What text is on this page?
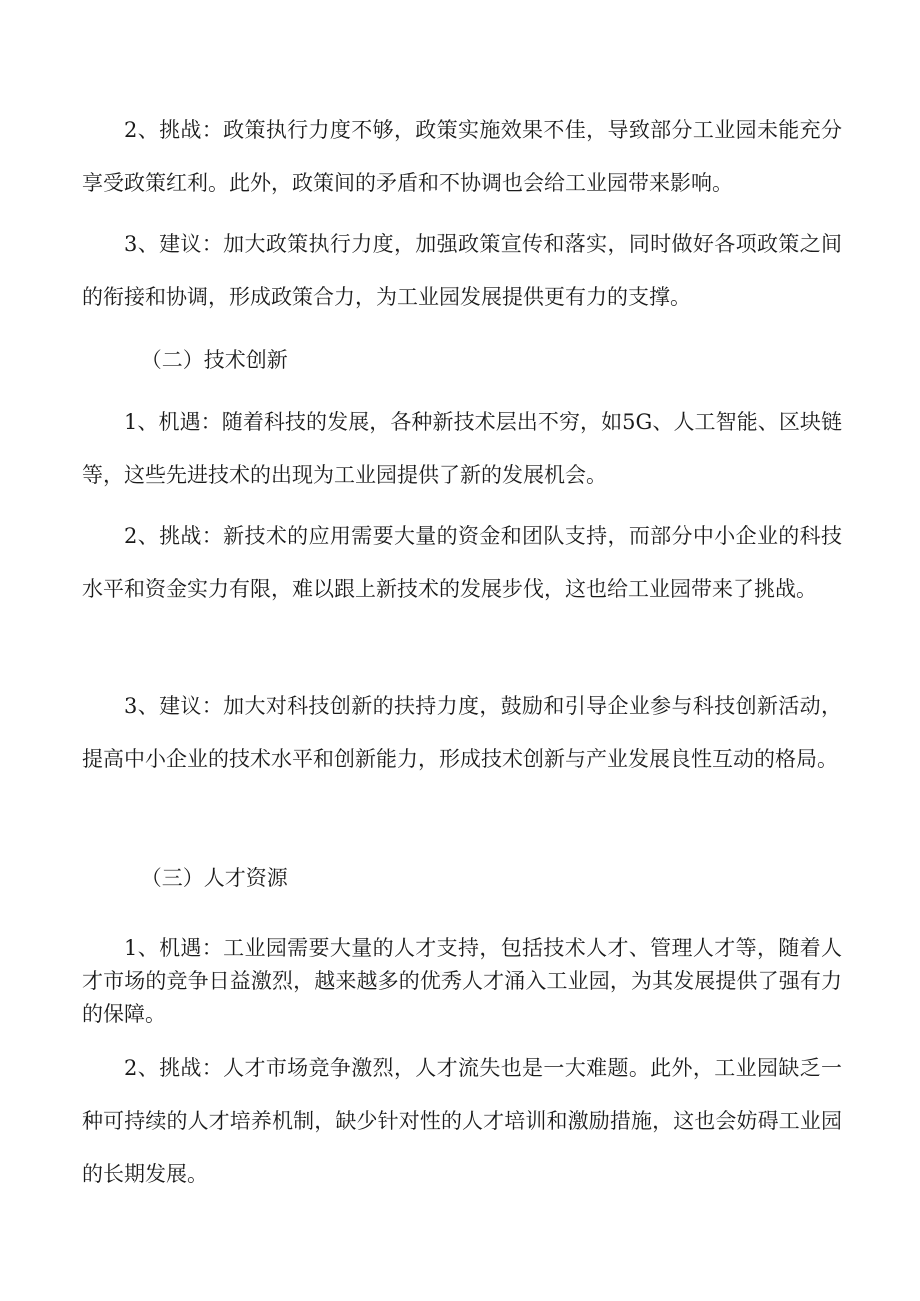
2、挑战：政策执行力度不够，政策实施效果不佳，导致部分工业园未能充分享受政策红利。此外，政策间的矛盾和不协调也会给工业园带来影响。

3、建议：加大政策执行力度，加强政策宣传和落实，同时做好各项政策之间的衔接和协调，形成政策合力，为工业园发展提供更有力的支撑。

（二）技术创新

1、机遇：随着科技的发展，各种新技术层出不穷，如5G、人工智能、区块链等，这些先进技术的出现为工业园提供了新的发展机会。

2、挑战：新技术的应用需要大量的资金和团队支持，而部分中小企业的科技水平和资金实力有限，难以跟上新技术的发展步伐，这也给工业园带来了挑战。

3、建议：加大对科技创新的扶持力度，鼓励和引导企业参与科技创新活动，提高中小企业的技术水平和创新能力，形成技术创新与产业发展良性互动的格局。

（三）人才资源

1、机遇：工业园需要大量的人才支持，包括技术人才、管理人才等，随着人才市场的竞争日益激烈，越来越多的优秀人才涌入工业园，为其发展提供了强有力的保障。

2、挑战：人才市场竞争激烈，人才流失也是一大难题。此外，工业园缺乏一种可持续的人才培养机制，缺少针对性的人才培训和激励措施，这也会妨碍工业园的长期发展。
